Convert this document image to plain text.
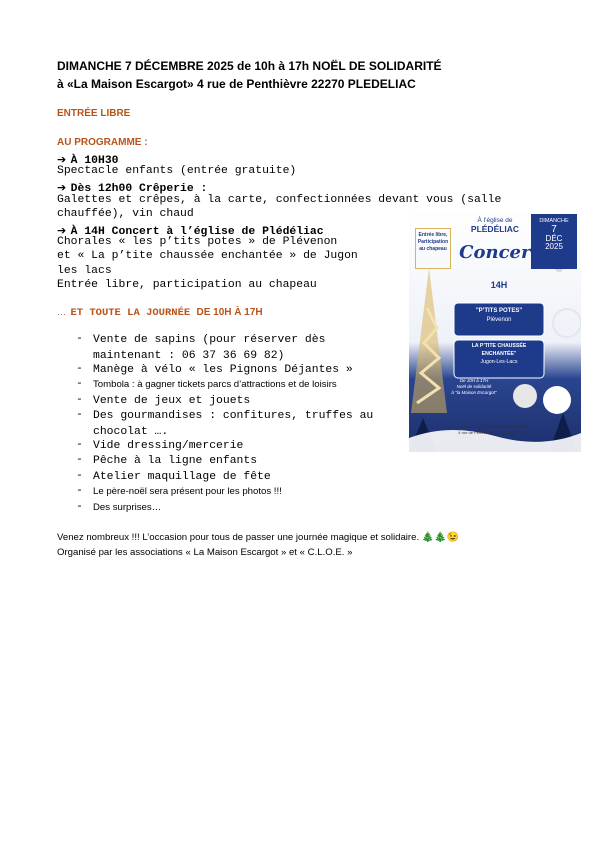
DIMANCHE 7 DÉCEMBRE 2025 de 10h à 17h NOËL DE SOLIDARITÉ
à «La Maison Escargot» 4 rue de Penthièvre 22270 PLEDELIAC
ENTRÉE LIBRE
AU PROGRAMME :
➔ À 10H30
Spectacle enfants (entrée gratuite)
➔ Dès 12h00 Crêperie :
Galettes et crêpes, à la carte, confectionnées devant vous (salle
chauffée), vin chaud
➔ À 14H Concert à l’église de Plédéliac
Chorales « les p’tits potes » de Plévenon
et « La p’tite chaussée enchantée » de Jugon
les lacs
Entrée libre, participation au chapeau
… ET TOUTE LA JOURNÉE DE 10H À 17H
- Vente de sapins (pour réserver dès
maintenant : 06 37 36 69 82)
- Manège à vélo « les Pignons Déjantes »
-	Tombola : à gagner tickets parcs d’attractions et de loisirs
- Vente de jeux et jouets
- Des gourmandises : confitures, truffes au
chocolat ….
- Vide dressing/mercerie
- Pêche à la ligne enfants
- Atelier maquillage de fête
-	Le père-noël sera présent pour les photos !!!
-	Des surprises…
Venez nombreux !!! L’occasion pour tous de passer une journée magique et solidaire. 🎄🎄😉
Organisé par les associations « La Maison Escargot » et « C.L.O.E. »
Entrée libre, Participation au chapeau
À l’église de
PLÉDÉLIAC
DIMANCHE
7
DÉC
2025
Concert
14H
"P’TITS POTES"
Plévenon
LA P’TITE CHAUSSÉE ENCHANTÉE"
Jugon-Les-Lacs
De 10H à 17H
Noël de solidarité
à "la Maison Escargot"
Asso C.L.O.E. et La Maison Escargot
4 rue de Penthièvre, 22270 PLÉDÉLIAC
